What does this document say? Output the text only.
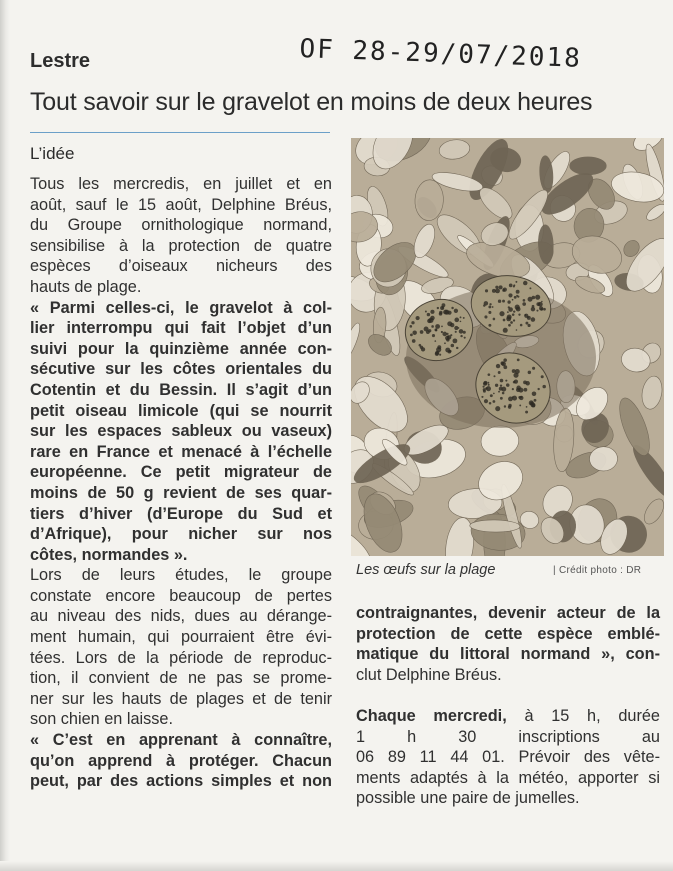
Lestre	OF 28-29/07/2018
Tout savoir sur le gravelot en moins de deux heures
L’idée
Tous les mercredis, en juillet et en
août, sauf le 15 août, Delphine Bréus,
du Groupe ornithologique normand,
sensibilise à la protection de quatre
espèces d’oiseaux nicheurs des
hauts de plage.
« Parmi celles-ci, le gravelot à col-
lier interrompu qui fait l’objet d’un
suivi pour la quinzième année con-
sécutive sur les côtes orientales du
Cotentin et du Bessin. Il s’agit d’un
petit oiseau limicole (qui se nourrit
sur les espaces sableux ou vaseux)
rare en France et menacé à l’échelle
européenne. Ce petit migrateur de
moins de 50 g revient de ses quar-
tiers d’hiver (d’Europe du Sud et
d’Afrique), pour nicher sur nos
côtes, normandes ».
Lors de leurs études, le groupe
constate encore beaucoup de pertes
au niveau des nids, dues au dérange-
ment humain, qui pourraient être évi-
tées. Lors de la période de reproduc-
tion, il convient de ne pas se prome-
ner sur les hauts de plages et de tenir
son chien en laisse.
« C’est en apprenant à connaître,
qu’on apprend à protéger. Chacun
peut, par des actions simples et non
Les œufs sur la plage	| Crédit photo : DR
contraignantes, devenir acteur de la
protection de cette espèce emblé-
matique du littoral normand », con-
clut Delphine Bréus.
Chaque mercredi, à 15 h, durée
1 h 30 inscriptions au
06 89 11 44 01. Prévoir des vête-
ments adaptés à la météo, apporter si
possible une paire de jumelles.
